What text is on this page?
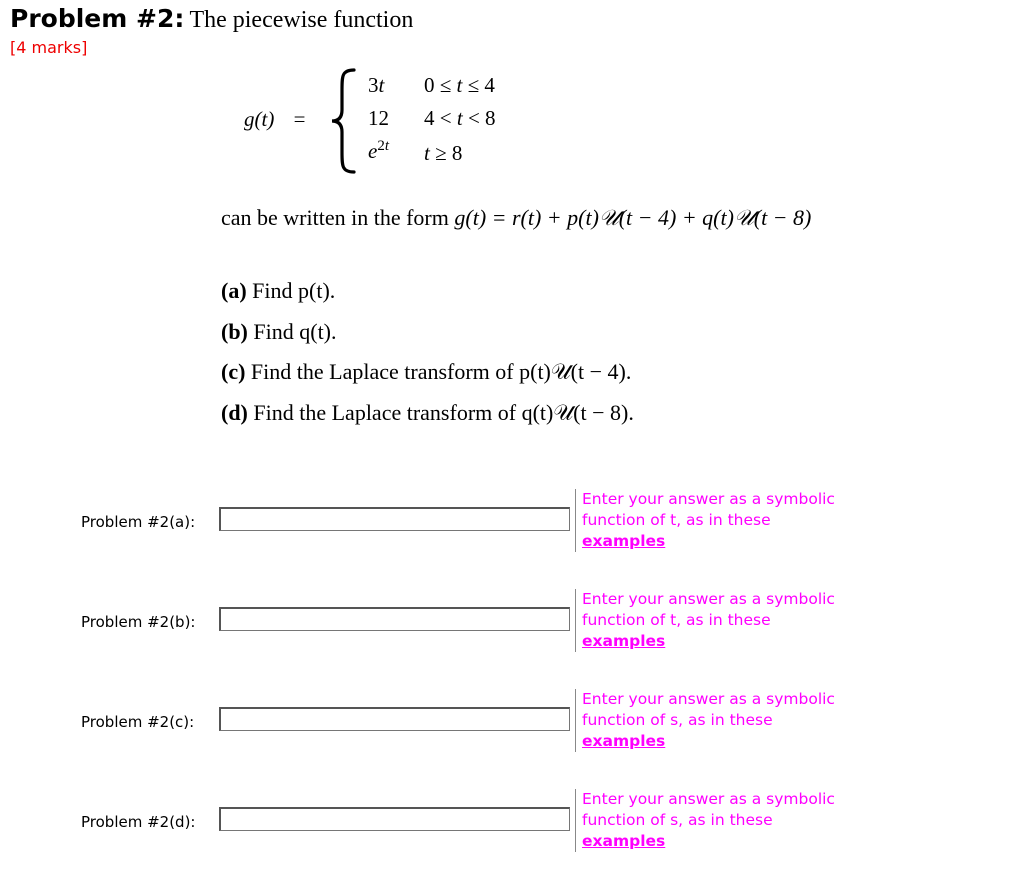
Problem #2: The piecewise function
[4 marks]
g(t) =
3t 0 ≤ t ≤ 4
12 4 < t < 8
$e^{2t}$ t ≥ 8
can be written in the form g(t) = r(t) + p(t)𝒰(t − 4) + q(t)𝒰(t − 8)
(a) Find p(t).
(b) Find q(t).
(c) Find the Laplace transform of p(t)𝒰(t − 4).
(d) Find the Laplace transform of q(t)𝒰(t − 8).
Problem #2(a):
Enter your answer as a symbolic function of t, as in these
examples
Problem #2(b):
Enter your answer as a symbolic function of t, as in these
examples
Problem #2(c):
Enter your answer as a symbolic function of s, as in these
examples
Problem #2(d):
Enter your answer as a symbolic function of s, as in these
examples
